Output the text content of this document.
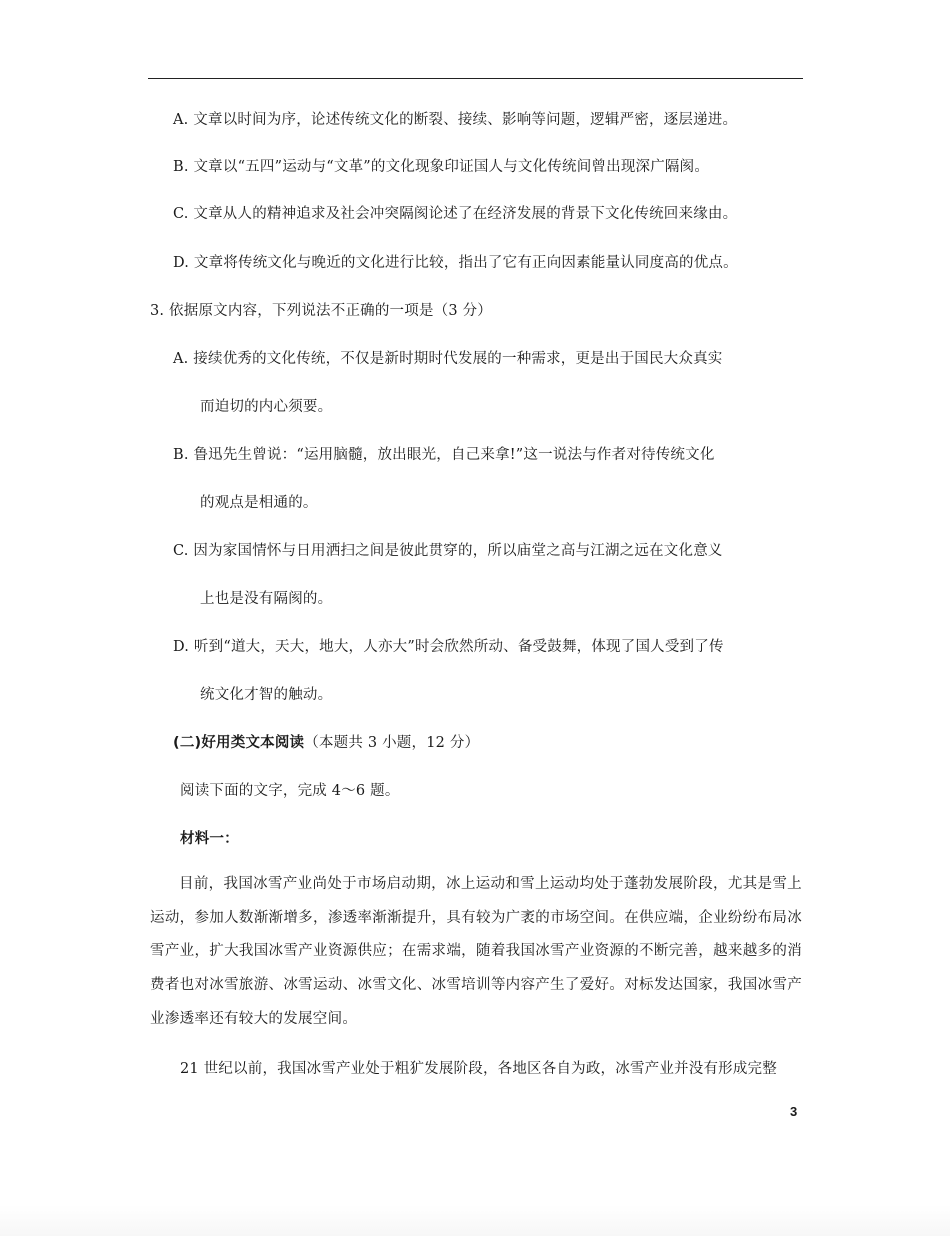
A. 文章以时间为序，论述传统文化的断裂、接续、影响等问题，逻辑严密，逐层递进。
B. 文章以“五四”运动与“文革”的文化现象印证国人与文化传统间曾出现深广隔阂。
C. 文章从人的精神追求及社会冲突隔阂论述了在经济发展的背景下文化传统回来缘由。
D. 文章将传统文化与晚近的文化进行比较，指出了它有正向因素能量认同度高的优点。
3. 依据原文内容，下列说法不正确的一项是（3 分）
A. 接续优秀的文化传统，不仅是新时期时代发展的一种需求，更是出于国民大众真实
而迫切的内心须要。
B. 鲁迅先生曾说：“运用脑髓，放出眼光，自己来拿!”这一说法与作者对待传统文化
的观点是相通的。
C. 因为家国情怀与日用洒扫之间是彼此贯穿的，所以庙堂之高与江湖之远在文化意义
上也是没有隔阂的。
D. 听到“道大，天大，地大，人亦大”时会欣然所动、备受鼓舞，体现了国人受到了传
统文化才智的触动。
(二)好用类文本阅读（本题共 3 小题，12 分）
阅读下面的文字，完成 4～6 题。
材料一：
目前，我国冰雪产业尚处于市场启动期，冰上运动和雪上运动均处于蓬勃发展阶段，尤其是雪上运动，参加人数渐渐增多，渗透率渐渐提升，具有较为广袤的市场空间。在供应端，企业纷纷布局冰雪产业，扩大我国冰雪产业资源供应；在需求端，随着我国冰雪产业资源的不断完善，越来越多的消费者也对冰雪旅游、冰雪运动、冰雪文化、冰雪培训等内容产生了爱好。对标发达国家，我国冰雪产业渗透率还有较大的发展空间。
21 世纪以前，我国冰雪产业处于粗犷发展阶段，各地区各自为政，冰雪产业并没有形成完整
3
